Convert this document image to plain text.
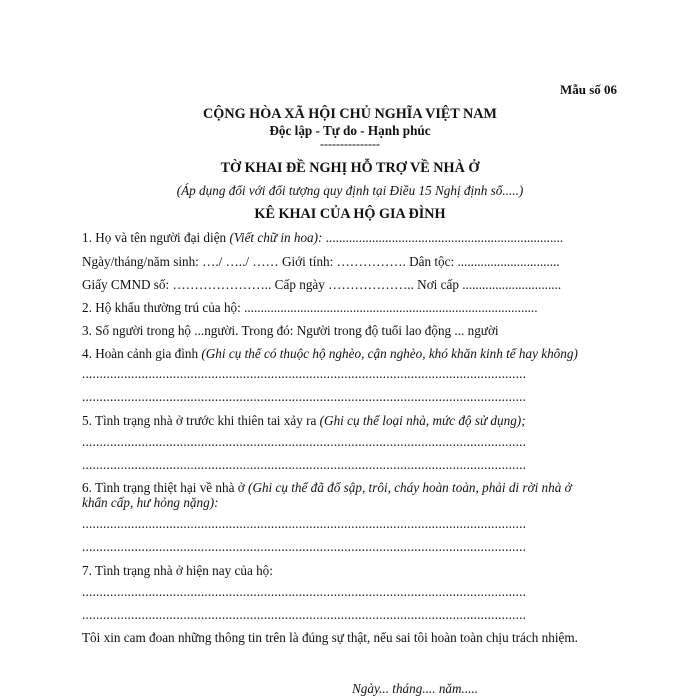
Mẫu số 06
CỘNG HÒA XÃ HỘI CHỦ NGHĨA VIỆT NAM
Độc lập - Tự do - Hạnh phúc
---------------
TỜ KHAI ĐỀ NGHỊ HỖ TRỢ VỀ NHÀ Ở
(Áp dụng đối với đối tượng quy định tại Điều 15 Nghị định số.....)
KÊ KHAI CỦA HỘ GIA ĐÌNH
1. Họ và tên người đại diện (Viết chữ in hoa): ........................................................................
Ngày/tháng/năm sinh: …./ …../ …… Giới tính: ……………. Dân tộc: ...............................
Giấy CMND số: ………………….. Cấp ngày ……………….. Nơi cấp ..............................
2. Hộ khẩu thường trú của hộ: .........................................................................................
3. Số người trong hộ ...người. Trong đó: Người trong độ tuổi lao động ... người
4. Hoàn cảnh gia đình (Ghi cụ thể có thuộc hộ nghèo, cận nghèo, khó khăn kinh tế hay không)
...............................................................................................................................
...............................................................................................................................
5. Tình trạng nhà ở trước khi thiên tai xảy ra (Ghi cụ thể loại nhà, mức độ sử dụng);
...............................................................................................................................
...............................................................................................................................
6. Tình trạng thiệt hại về nhà ở (Ghi cụ thể đã đổ sập, trôi, cháy hoàn toàn, phải di rời nhà ở
khẩn cấp, hư hỏng nặng):
...............................................................................................................................
...............................................................................................................................
7. Tình trạng nhà ở hiện nay của hộ:
...............................................................................................................................
...............................................................................................................................
Tôi xin cam đoan những thông tin trên là đúng sự thật, nếu sai tôi hoàn toàn chịu trách nhiệm.
Ngày... tháng.... năm.....
